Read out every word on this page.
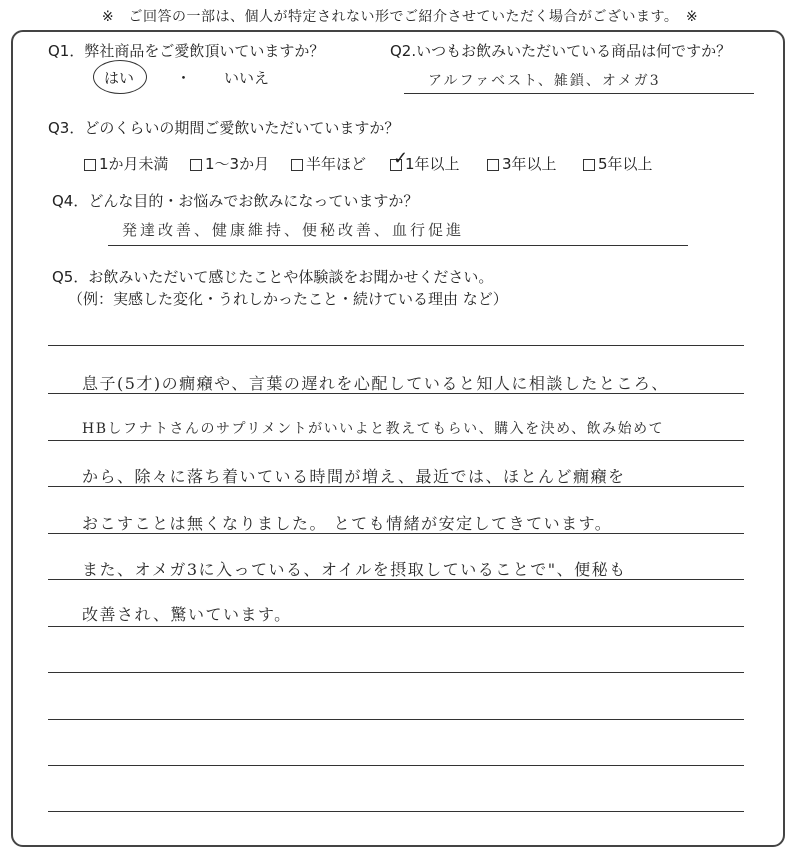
※　ご回答の一部は、個人が特定されない形でご紹介させていただく場合がございます。　※
Q1．弊社商品をご愛飲頂いていますか？
はい	・ いいえ
Q2.いつもお飲みいただいている商品は何ですか？
アルファベスト、雑鎖、オメガ3
Q3．どのくらいの期間ご愛飲いただいていますか？
1か月未満 1～3か月 半年ほど ✓
1年以上	3年以上	5年以上
Q4．どんな目的・お悩みでお飲みになっていますか？
発達改善、健康維持、便秘改善、血行促進
Q5．お飲みいただいて感じたことや体験談をお聞かせください。
（例：実感した変化・うれしかったこと・続けている理由 など）
息子(5才)の癇癪や、言葉の遅れを心配していると知人に相談したところ、
HBしフナトさんのサプリメントがいいよと教えてもらい、購入を決め、飲み始めて
から、除々に落ち着いている時間が増え、最近では、ほとんど癇癪を
おこすことは無くなりました。 とても情緒が安定してきています。
また、オメガ3に入っている、オイルを摂取していることで"、便秘も
改善され、驚いています。
